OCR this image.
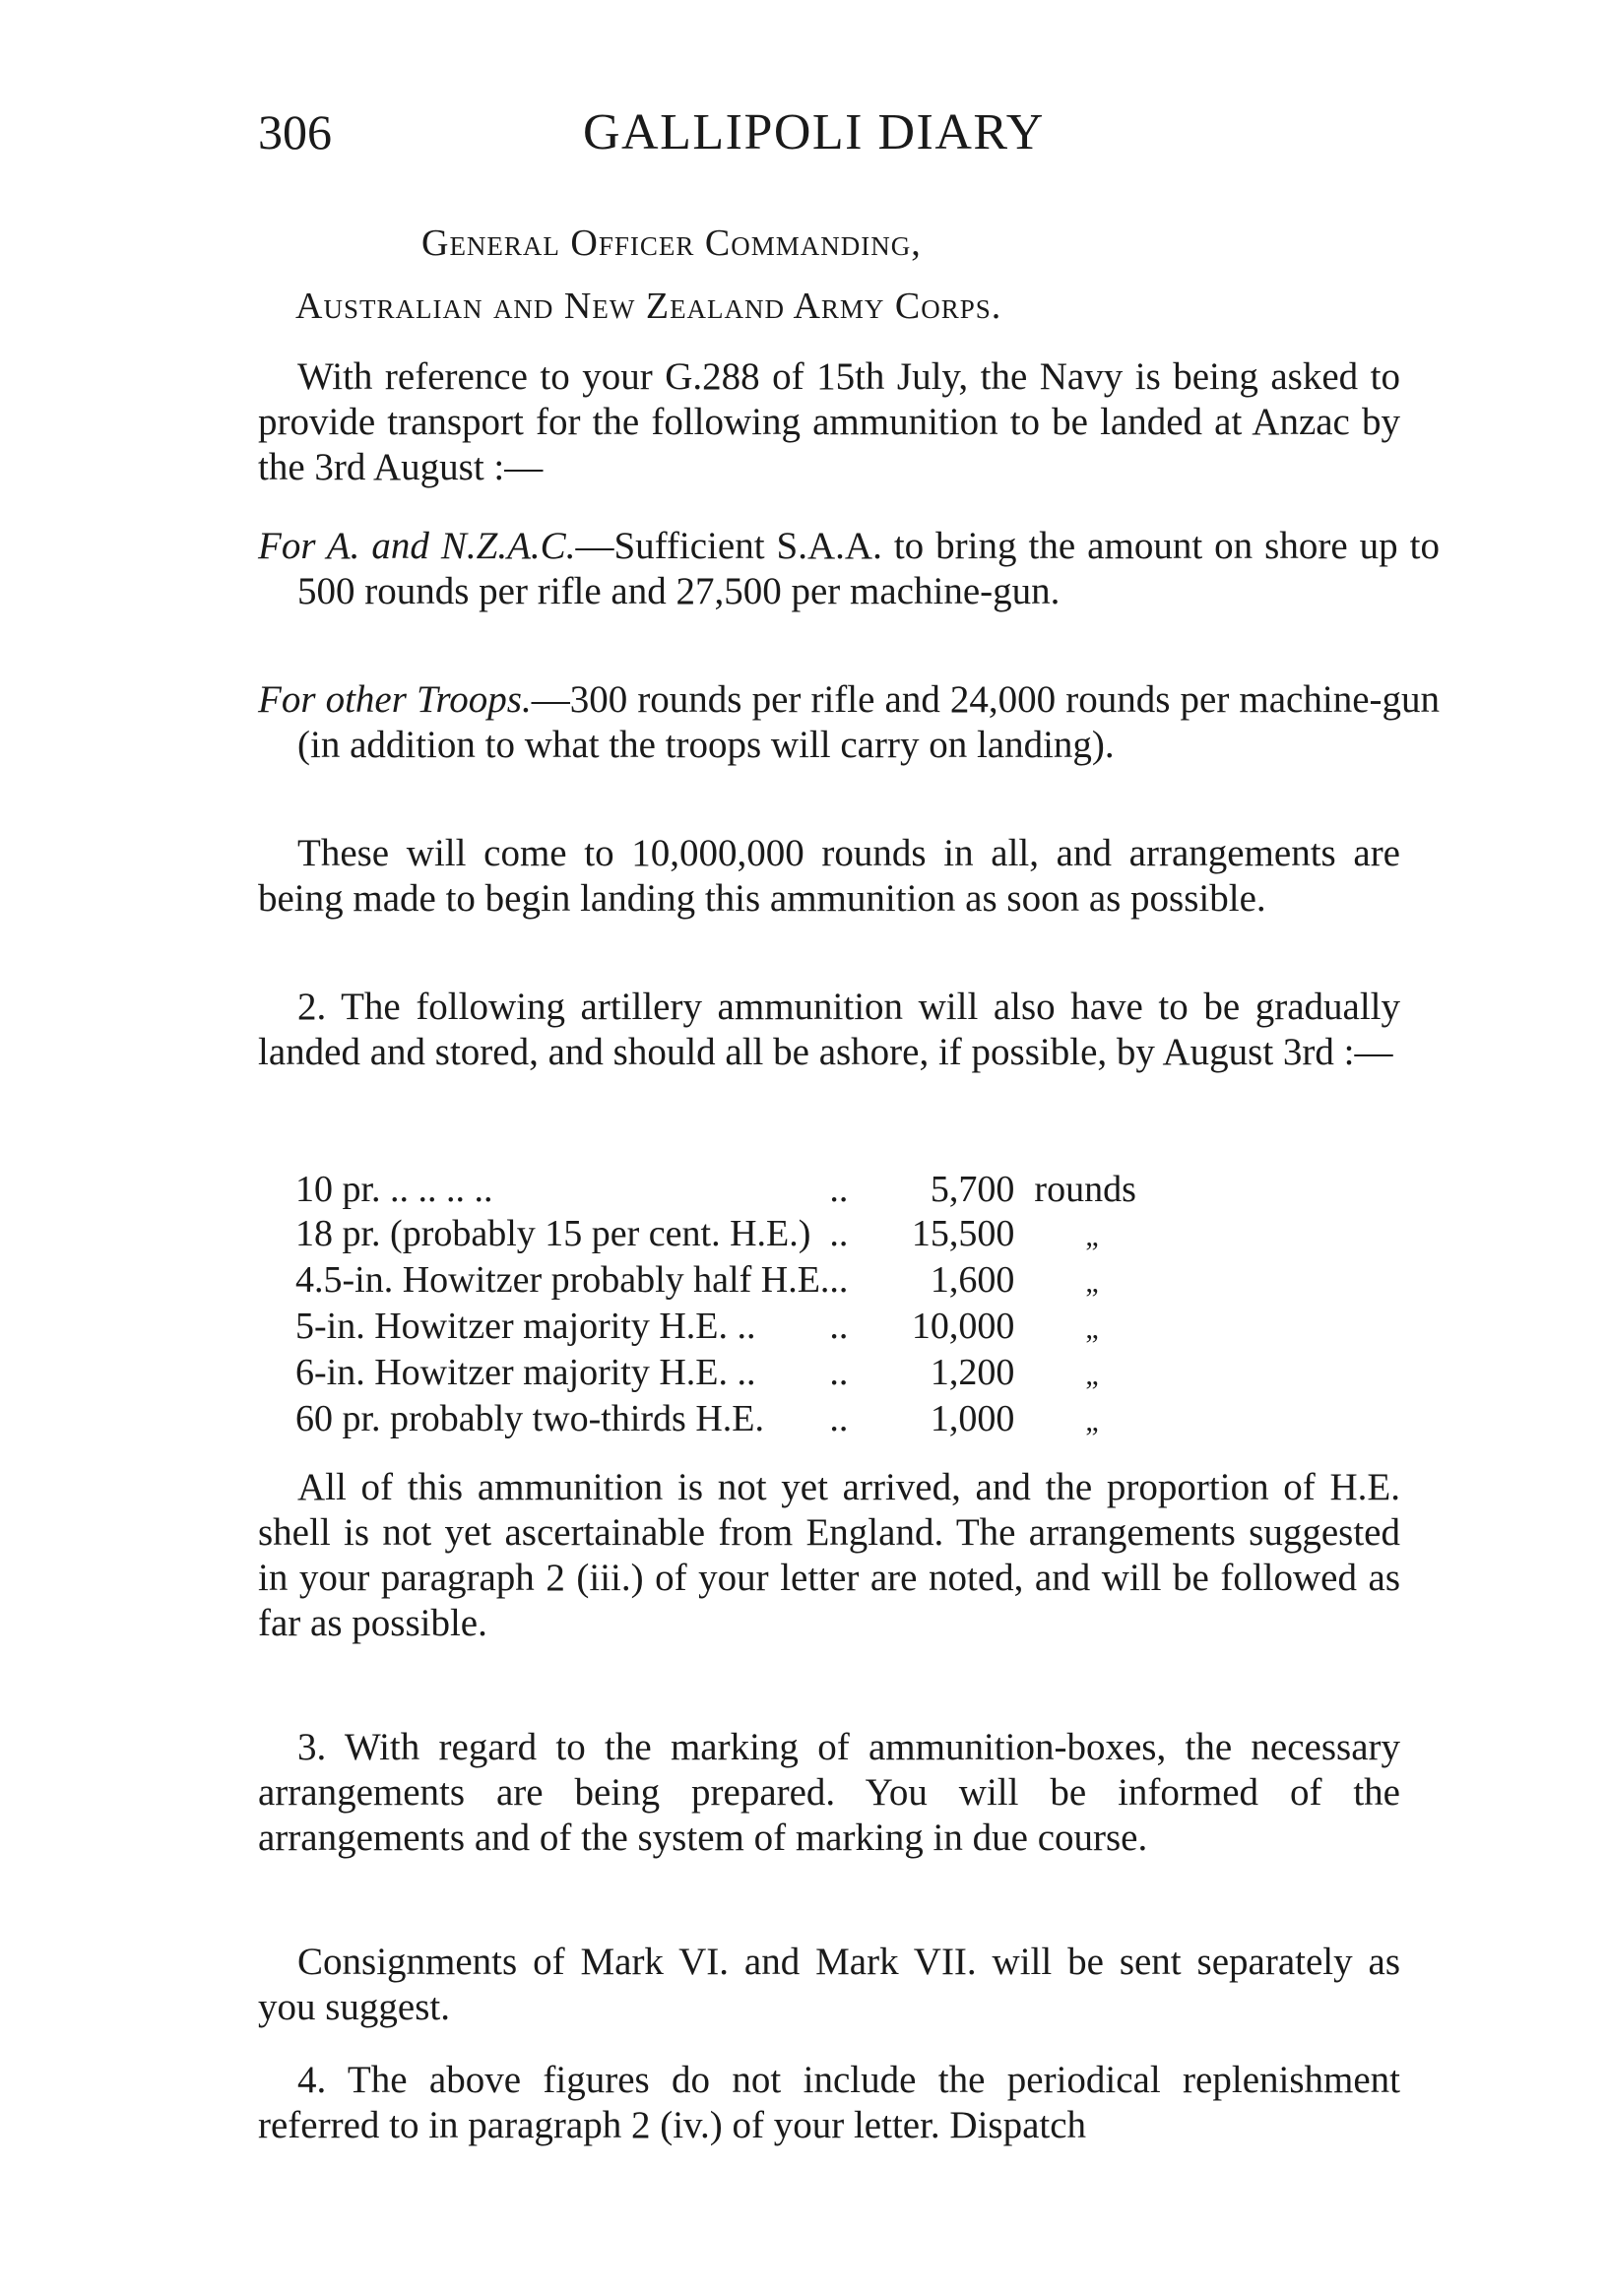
306	GALLIPOLI DIARY
General Officer Commanding,
Australian and New Zealand Army Corps.
With reference to your G.288 of 15th July, the Navy is being asked to provide transport for the following ammunition to be landed at Anzac by the 3rd August :—
For A. and N.Z.A.C.—Sufficient S.A.A. to bring the amount on shore up to 500 rounds per rifle and 27,500 per machine-gun.
For other Troops.—300 rounds per rifle and 24,000 rounds per machine-gun (in addition to what the troops will carry on landing).
These will come to 10,000,000 rounds in all, and arrangements are being made to begin landing this ammunition as soon as possible.
2. The following artillery ammunition will also have to be gradually landed and stored, and should all be ashore, if possible, by August 3rd :—
10 pr. .. .. .. ..	..	5,700	rounds
18 pr. (probably 15 per cent. H.E.)	..	15,500	„
4.5-in. Howitzer probably half H.E.	..	1,600	„
5-in. Howitzer majority H.E. ..	..	10,000	„
6-in. Howitzer majority H.E. ..	..	1,200	„
60 pr. probably two-thirds H.E.	..	1,000	„
All of this ammunition is not yet arrived, and the proportion of H.E. shell is not yet ascertainable from England. The arrangements suggested in your paragraph 2 (iii.) of your letter are noted, and will be followed as far as possible.
3. With regard to the marking of ammunition-boxes, the necessary arrangements are being prepared. You will be informed of the arrangements and of the system of marking in due course.
Consignments of Mark VI. and Mark VII. will be sent separately as you suggest.
4. The above figures do not include the periodical replenishment referred to in paragraph 2 (iv.) of your letter. Dispatch
